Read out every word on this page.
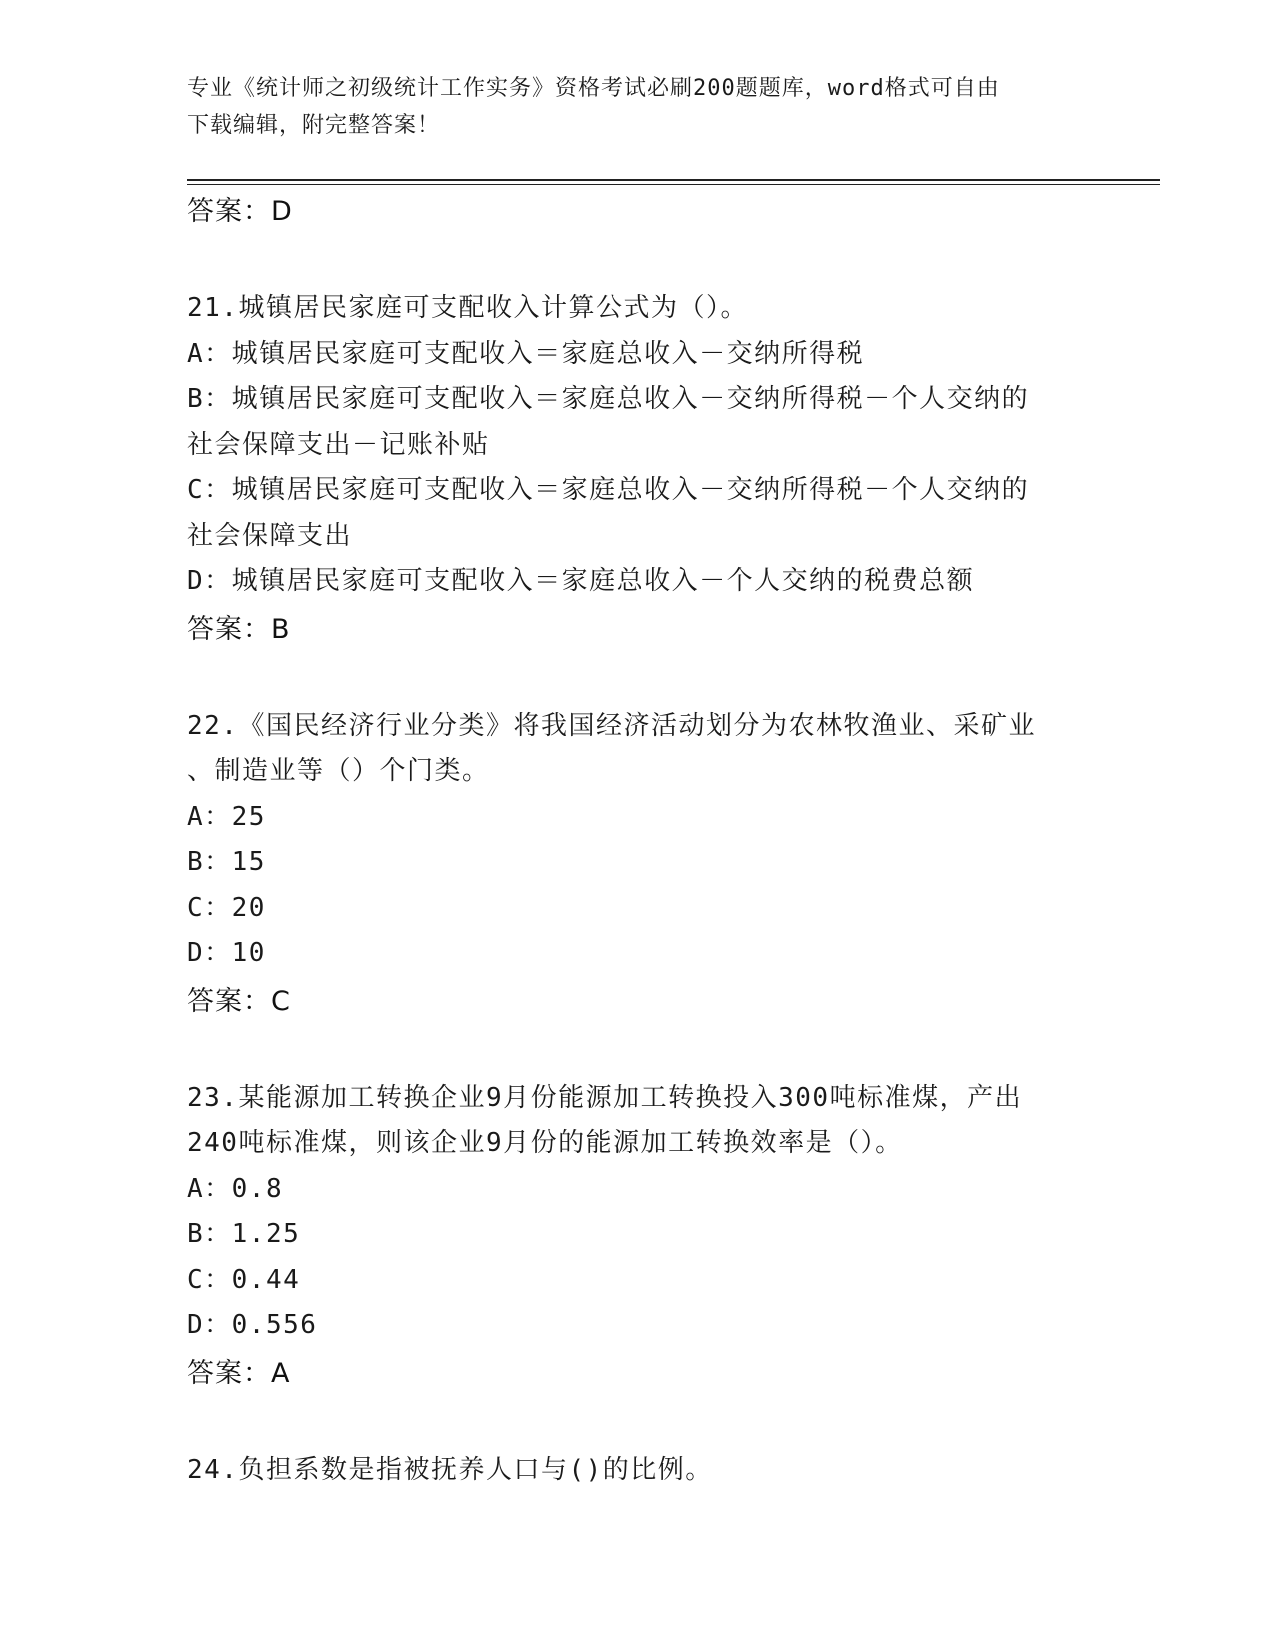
专业《统计师之初级统计工作实务》资格考试必刷200题题库，word格式可自由
下载编辑，附完整答案！
答案：D
21.城镇居民家庭可支配收入计算公式为（）。
A：城镇居民家庭可支配收入＝家庭总收入－交纳所得税
B：城镇居民家庭可支配收入＝家庭总收入－交纳所得税－个人交纳的
社会保障支出－记账补贴
C：城镇居民家庭可支配收入＝家庭总收入－交纳所得税－个人交纳的
社会保障支出
D：城镇居民家庭可支配收入＝家庭总收入－个人交纳的税费总额
答案：B
22.《国民经济行业分类》将我国经济活动划分为农林牧渔业、采矿业
、制造业等（）个门类。
A：25
B：15
C：20
D：10
答案：C
23.某能源加工转换企业9月份能源加工转换投入300吨标准煤，产出
240吨标准煤，则该企业9月份的能源加工转换效率是（）。
A：0.8
B：1.25
C：0.44
D：0.556
答案：A
24.负担系数是指被抚养人口与()的比例。
